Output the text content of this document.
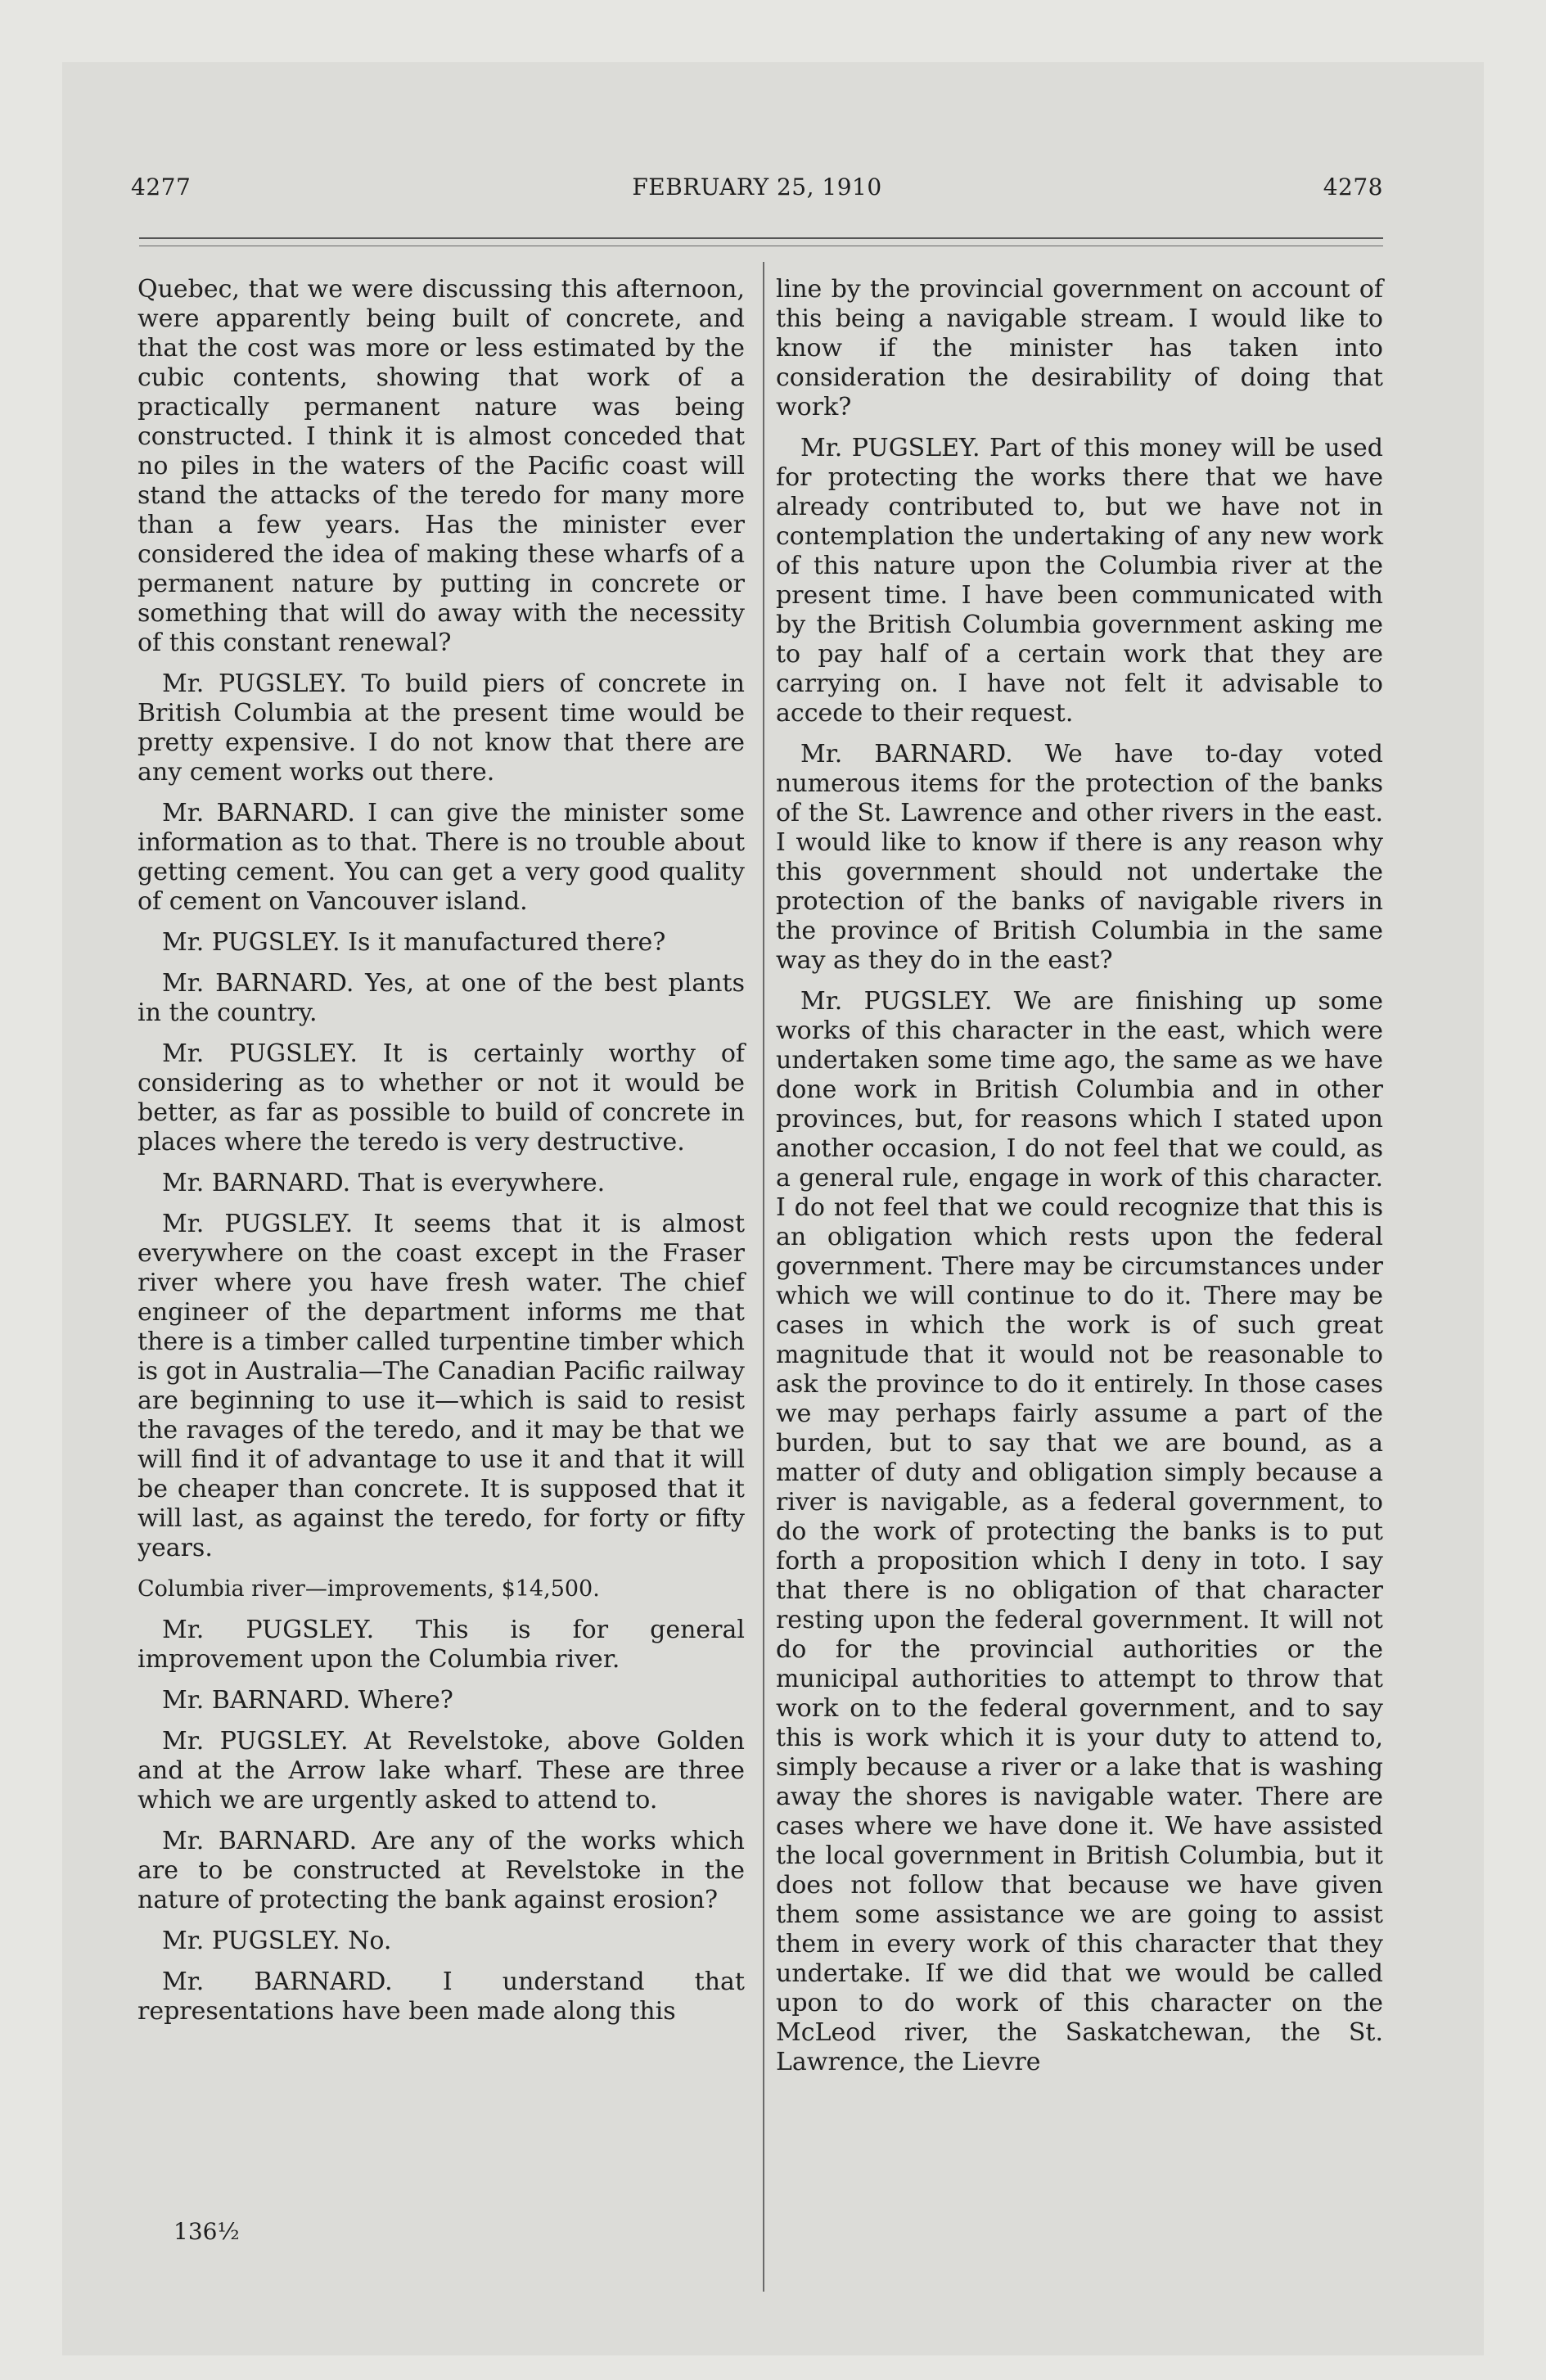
4277	FEBRUARY 25, 1910	4278

Quebec, that we were discussing this afternoon, were apparently being built of concrete, and that the cost was more or less estimated by the cubic contents, showing that work of a practically permanent nature was being constructed. I think it is almost conceded that no piles in the waters of the Pacific coast will stand the attacks of the teredo for many more than a few years. Has the minister ever considered the idea of making these wharfs of a permanent nature by putting in concrete or something that will do away with the necessity of this constant renewal?

Mr. PUGSLEY. To build piers of concrete in British Columbia at the present time would be pretty expensive. I do not know that there are any cement works out there.

Mr. BARNARD. I can give the minister some information as to that. There is no trouble about getting cement. You can get a very good quality of cement on Vancouver island.

Mr. PUGSLEY. Is it manufactured there?

Mr. BARNARD. Yes, at one of the best plants in the country.

Mr. PUGSLEY. It is certainly worthy of considering as to whether or not it would be better, as far as possible to build of concrete in places where the teredo is very destructive.

Mr. BARNARD. That is everywhere.

Mr. PUGSLEY. It seems that it is almost everywhere on the coast except in the Fraser river where you have fresh water. The chief engineer of the department informs me that there is a timber called turpentine timber which is got in Australia—The Canadian Pacific railway are beginning to use it—which is said to resist the ravages of the teredo, and it may be that we will find it of advantage to use it and that it will be cheaper than concrete. It is supposed that it will last, as against the teredo, for forty or fifty years.

Columbia river—improvements, $14,500.

Mr. PUGSLEY. This is for general improvement upon the Columbia river.

Mr. BARNARD. Where?

Mr. PUGSLEY. At Revelstoke, above Golden and at the Arrow lake wharf. These are three which we are urgently asked to attend to.

Mr. BARNARD. Are any of the works which are to be constructed at Revelstoke in the nature of protecting the bank against erosion?

Mr. PUGSLEY. No.

Mr. BARNARD. I understand that representations have been made along this

line by the provincial government on account of this being a navigable stream. I would like to know if the minister has taken into consideration the desirability of doing that work?

Mr. PUGSLEY. Part of this money will be used for protecting the works there that we have already contributed to, but we have not in contemplation the undertaking of any new work of this nature upon the Columbia river at the present time. I have been communicated with by the British Columbia government asking me to pay half of a certain work that they are carrying on. I have not felt it advisable to accede to their request.

Mr. BARNARD. We have to-day voted numerous items for the protection of the banks of the St. Lawrence and other rivers in the east. I would like to know if there is any reason why this government should not undertake the protection of the banks of navigable rivers in the province of British Columbia in the same way as they do in the east?

Mr. PUGSLEY. We are finishing up some works of this character in the east, which were undertaken some time ago, the same as we have done work in British Columbia and in other provinces, but, for reasons which I stated upon another occasion, I do not feel that we could, as a general rule, engage in work of this character. I do not feel that we could recognize that this is an obligation which rests upon the federal government. There may be circumstances under which we will continue to do it. There may be cases in which the work is of such great magnitude that it would not be reasonable to ask the province to do it entirely. In those cases we may perhaps fairly assume a part of the burden, but to say that we are bound, as a matter of duty and obligation simply because a river is navigable, as a federal government, to do the work of protecting the banks is to put forth a proposition which I deny in toto. I say that there is no obligation of that character resting upon the federal government. It will not do for the provincial authorities or the municipal authorities to attempt to throw that work on to the federal government, and to say this is work which it is your duty to attend to, simply because a river or a lake that is washing away the shores is navigable water. There are cases where we have done it. We have assisted the local government in British Columbia, but it does not follow that because we have given them some assistance we are going to assist them in every work of this character that they undertake. If we did that we would be called upon to do work of this character on the McLeod river, the Saskatchewan, the St. Lawrence, the Lievre

136½
